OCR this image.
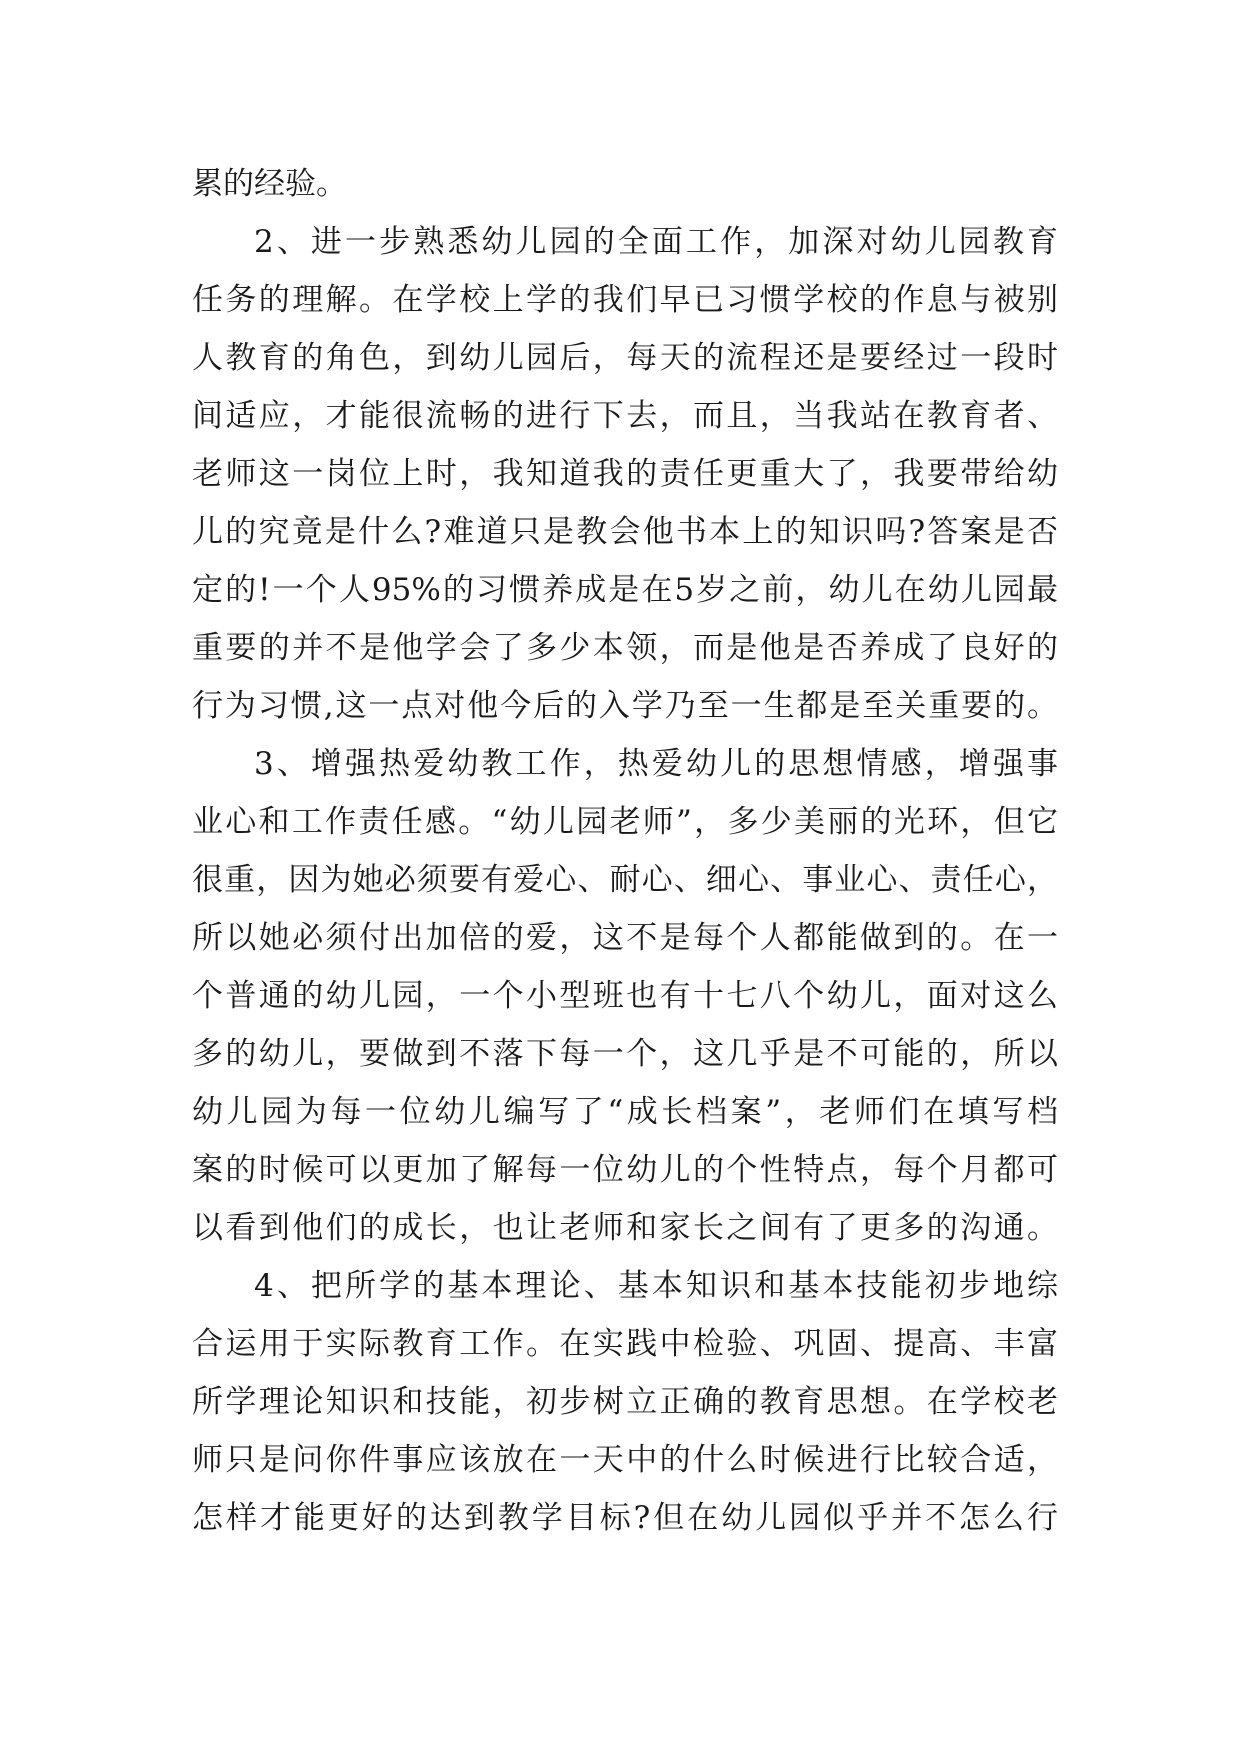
累的经验。
2、进一步熟悉幼儿园的全面工作，加深对幼儿园教育
任务的理解。在学校上学的我们早已习惯学校的作息与被别
人教育的角色，到幼儿园后，每天的流程还是要经过一段时
间适应，才能很流畅的进行下去，而且，当我站在教育者、
老师这一岗位上时，我知道我的责任更重大了，我要带给幼
儿的究竟是什么?难道只是教会他书本上的知识吗?答案是否
定的!一个人95%的习惯养成是在5岁之前，幼儿在幼儿园最
重要的并不是他学会了多少本领，而是他是否养成了良好的
行为习惯,这一点对他今后的入学乃至一生都是至关重要的。
3、增强热爱幼教工作，热爱幼儿的思想情感，增强事
业心和工作责任感。“幼儿园老师”，多少美丽的光环，但它
很重，因为她必须要有爱心、耐心、细心、事业心、责任心，
所以她必须付出加倍的爱，这不是每个人都能做到的。在一
个普通的幼儿园，一个小型班也有十七八个幼儿，面对这么
多的幼儿，要做到不落下每一个，这几乎是不可能的，所以
幼儿园为每一位幼儿编写了“成长档案”，老师们在填写档
案的时候可以更加了解每一位幼儿的个性特点，每个月都可
以看到他们的成长，也让老师和家长之间有了更多的沟通。
4、把所学的基本理论、基本知识和基本技能初步地综
合运用于实际教育工作。在实践中检验、巩固、提高、丰富
所学理论知识和技能，初步树立正确的教育思想。在学校老
师只是问你件事应该放在一天中的什么时候进行比较合适，
怎样才能更好的达到教学目标?但在幼儿园似乎并不怎么行
